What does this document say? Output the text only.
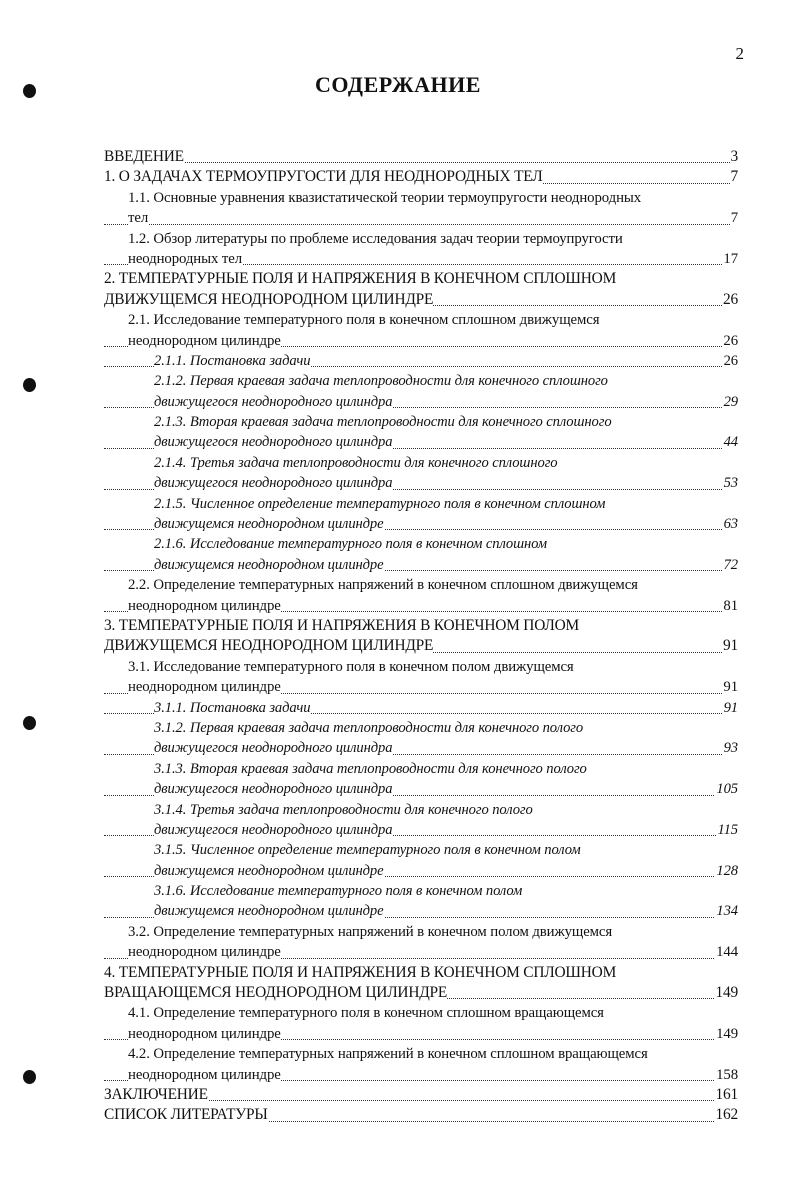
2
СОДЕРЖАНИЕ
ВВЕДЕНИЕ	3
1. О ЗАДАЧАХ ТЕРМОУПРУГОСТИ ДЛЯ НЕОДНОРОДНЫХ ТЕЛ	7
1.1. Основные уравнения квазистатической теории термоупругости неоднородных
тел	7
1.2. Обзор литературы по проблеме исследования задач теории термоупругости
неоднородных тел	17
2. ТЕМПЕРАТУРНЫЕ ПОЛЯ И НАПРЯЖЕНИЯ В КОНЕЧНОМ СПЛОШНОМ
ДВИЖУЩЕМСЯ НЕОДНОРОДНОМ ЦИЛИНДРЕ	26
2.1. Исследование температурного поля в конечном сплошном движущемся
неоднородном цилиндре	26
2.1.1. Постановка задачи	26
2.1.2. Первая краевая задача теплопроводности для конечного сплошного
движущегося неоднородного цилиндра	29
2.1.3. Вторая краевая задача теплопроводности для конечного сплошного
движущегося неоднородного цилиндра	44
2.1.4. Третья задача теплопроводности для конечного сплошного
движущегося неоднородного цилиндра	53
2.1.5. Численное определение температурного поля в конечном сплошном
движущемся неоднородном цилиндре	63
2.1.6. Исследование температурного поля в конечном сплошном
движущемся неоднородном цилиндре	72
2.2. Определение температурных напряжений в конечном сплошном движущемся
неоднородном цилиндре	81
3. ТЕМПЕРАТУРНЫЕ ПОЛЯ И НАПРЯЖЕНИЯ В КОНЕЧНОМ ПОЛОМ
ДВИЖУЩЕМСЯ НЕОДНОРОДНОМ ЦИЛИНДРЕ	91
3.1. Исследование температурного поля в конечном полом движущемся
неоднородном цилиндре	91
3.1.1. Постановка задачи	91
3.1.2. Первая краевая задача теплопроводности для конечного полого
движущегося неоднородного цилиндра	93
3.1.3. Вторая краевая задача теплопроводности для конечного полого
движущегося неоднородного цилиндра	105
3.1.4. Третья задача теплопроводности для конечного полого
движущегося неоднородного цилиндра	115
3.1.5. Численное определение температурного поля в конечном полом
движущемся неоднородном цилиндре	128
3.1.6. Исследование температурного поля в конечном полом
движущемся неоднородном цилиндре	134
3.2. Определение температурных напряжений в конечном полом движущемся
неоднородном цилиндре	144
4. ТЕМПЕРАТУРНЫЕ ПОЛЯ И НАПРЯЖЕНИЯ В КОНЕЧНОМ СПЛОШНОМ
ВРАЩАЮЩЕМСЯ НЕОДНОРОДНОМ ЦИЛИНДРЕ	149
4.1. Определение температурного поля в конечном сплошном вращающемся
неоднородном цилиндре	149
4.2. Определение температурных напряжений в конечном сплошном вращающемся
неоднородном цилиндре	158
ЗАКЛЮЧЕНИЕ	161
СПИСОК ЛИТЕРАТУРЫ	162
